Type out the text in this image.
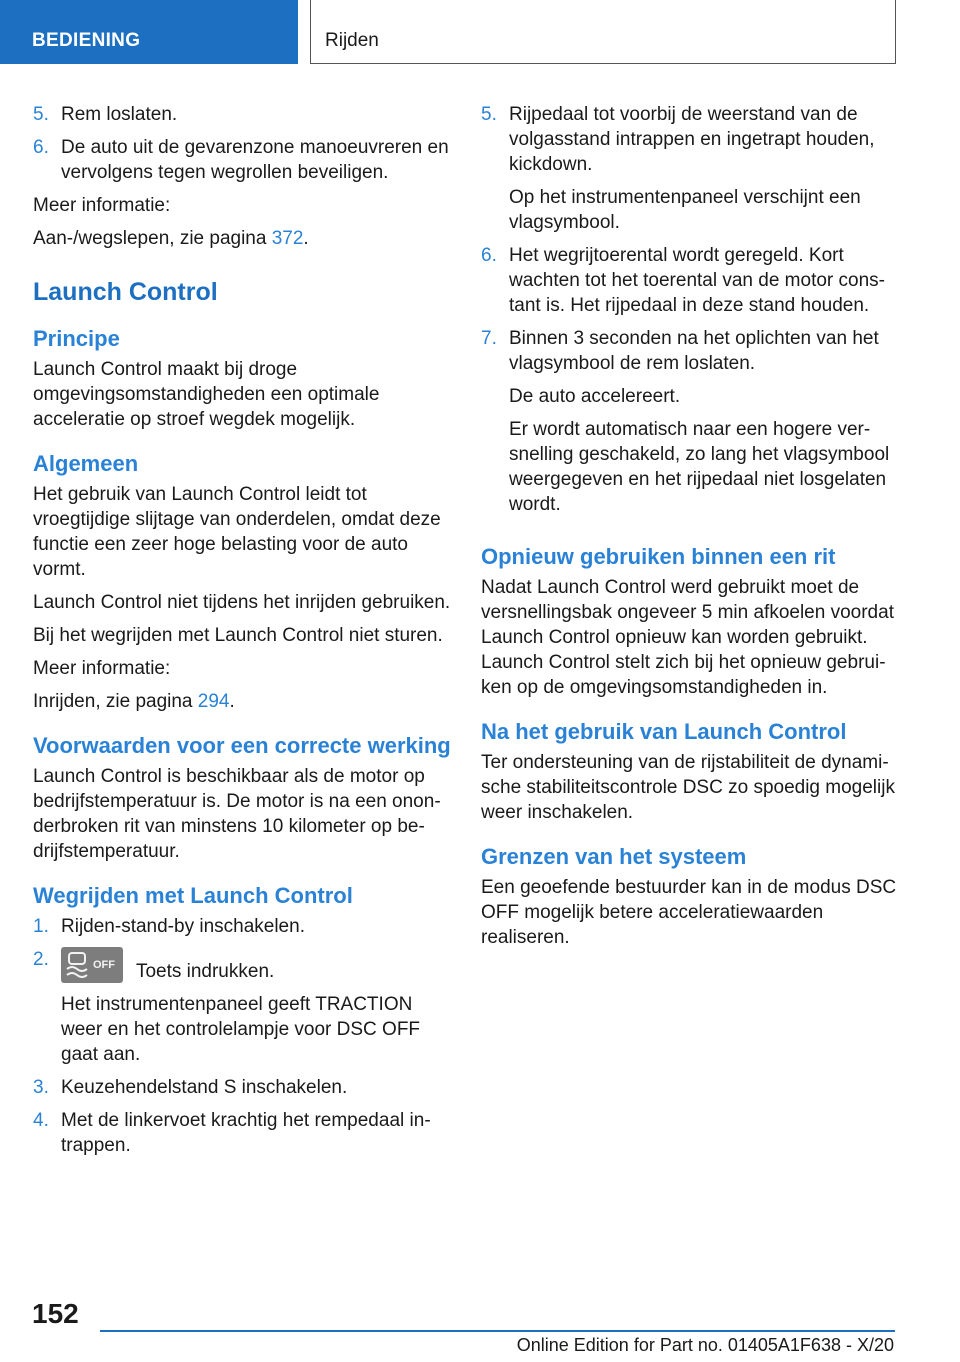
BEDIENING	Rijden
5. Rem loslaten.

6. De auto uit de gevarenzone manoeuvreren en vervolgens tegen wegrollen beveiligen.

Meer informatie:

Aan-/wegslepen, zie pagina 372.

Launch Control
Principe

Launch Control maakt bij droge omgevingsomstandigheden een optimale acceleratie op stroef wegdek mogelijk.

Algemeen

Het gebruik van Launch Control leidt tot vroegtijdige slijtage van onderdelen, omdat deze functie een zeer hoge belasting voor de auto vormt.

Launch Control niet tijdens het inrijden gebruiken.

Bij het wegrijden met Launch Control niet sturen.

Meer informatie:

Inrijden, zie pagina 294.

Voorwaarden voor een correcte werking

Launch Control is beschikbaar als de motor op bedrijfstemperatuur is. De motor is na een ononderbroken rit van minstens 10 kilometer op bedrijfstemperatuur.

Wegrijden met Launch Control
1. Rijden-stand-by inschakelen.

2.	OFF Toets indrukken.

Het instrumentenpaneel geeft TRACTION weer en het controlelampje voor DSC OFF gaat aan.

3. Keuzehendelstand S inschakelen.

4. Met de linkervoet krachtig het rempedaal intrappen.

5. Rijpedaal tot voorbij de weerstand van de volgasstand intrappen en ingetrapt houden, kickdown.

Op het instrumentenpaneel verschijnt een vlagsymbool.

6. Het wegrijtoerental wordt geregeld. Kort wachten tot het toerental van de motor constant is. Het rijpedaal in deze stand houden.

7. Binnen 3 seconden na het oplichten van het vlagsymbool de rem loslaten.

De auto accelereert.

Er wordt automatisch naar een hogere versnelling geschakeld, zo lang het vlagsymbool weergegeven en het rijpedaal niet losgelaten wordt.

Opnieuw gebruiken binnen een rit

Nadat Launch Control werd gebruikt moet de versnellingsbak ongeveer 5 min afkoelen voordat Launch Control opnieuw kan worden gebruikt. Launch Control stelt zich bij het opnieuw gebruiken op de omgevingsomstandigheden in.

Na het gebruik van Launch Control

Ter ondersteuning van de rijstabiliteit de dynamische stabiliteitscontrole DSC zo spoedig mogelijk weer inschakelen.

Grenzen van het systeem

Een geoefende bestuurder kan in de modus DSC OFF mogelijk betere acceleratiewaarden realiseren.

152
Online Edition for Part no. 01405A1F638 - X/20
